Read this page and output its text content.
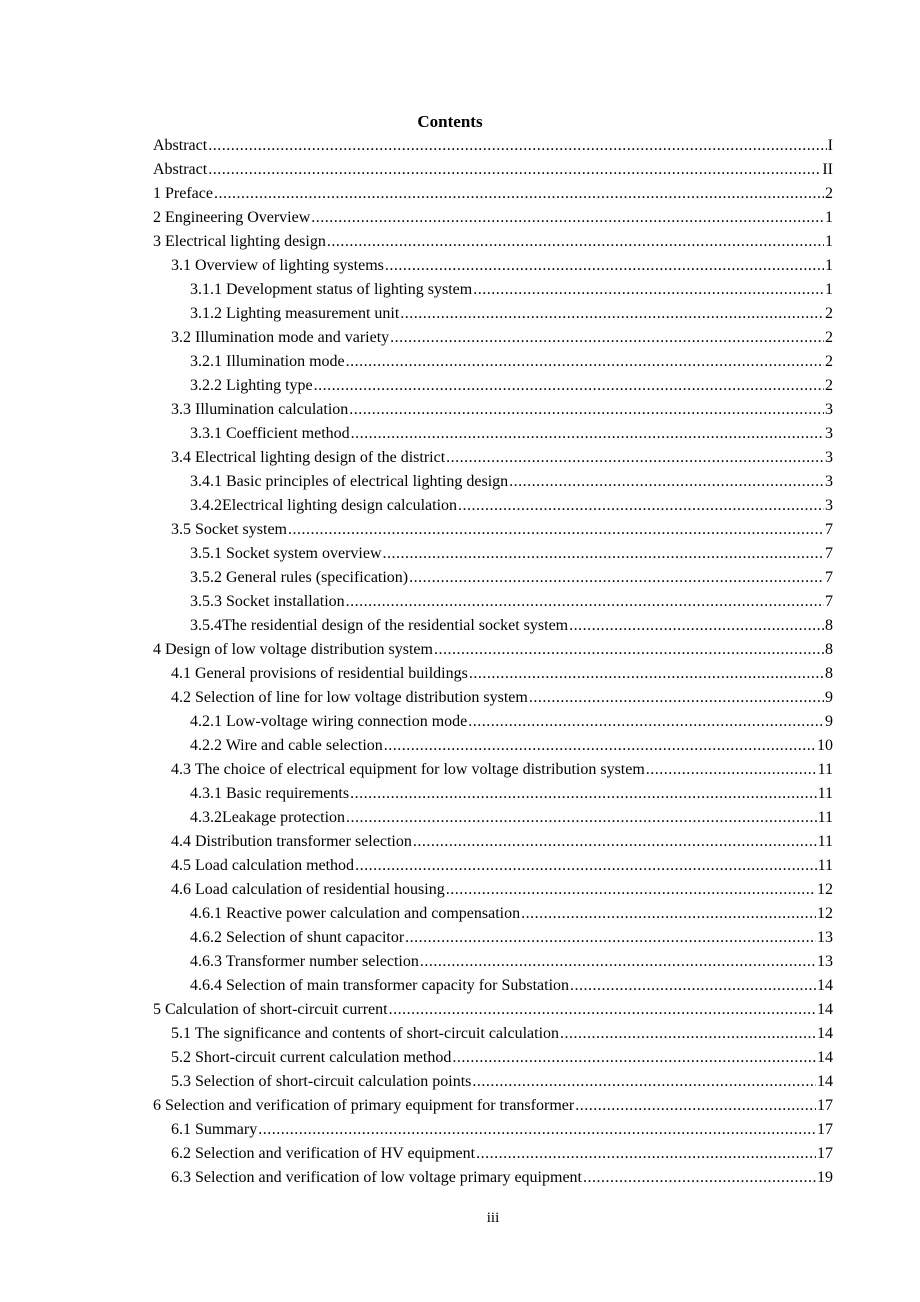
Contents
Abstract .....	I
Abstract .....	II
1 Preface .....	2
2 Engineering Overview .....	1
3 Electrical lighting design .....	1
3.1 Overview of lighting systems .....	1
3.1.1 Development status of lighting system .....	1
3.1.2 Lighting measurement unit .....	2
3.2 Illumination mode and variety .....	2
3.2.1 Illumination mode .....	2
3.2.2 Lighting type .....	2
3.3 Illumination calculation .....	3
3.3.1 Coefficient method .....	3
3.4 Electrical lighting design of the district .....	3
3.4.1 Basic principles of electrical lighting design .....	3
3.4.2Electrical lighting design calculation .....	3
3.5 Socket system .....	7
3.5.1 Socket system overview .....	7
3.5.2 General rules (specification) .....	7
3.5.3 Socket installation .....	7
3.5.4The residential design of the residential socket system .....	8
4 Design of low voltage distribution system .....	8
4.1 General provisions of residential buildings .....	8
4.2 Selection of line for low voltage distribution system .....	9
4.2.1 Low-voltage wiring connection mode .....	9
4.2.2 Wire and cable selection .....	10
4.3 The choice of electrical equipment for low voltage distribution system .....	11
4.3.1 Basic requirements .....	11
4.3.2Leakage protection .....	11
4.4 Distribution transformer selection .....	11
4.5 Load calculation method .....	11
4.6 Load calculation of residential housing .....	12
4.6.1 Reactive power calculation and compensation .....	12
4.6.2 Selection of shunt capacitor .....	13
4.6.3 Transformer number selection .....	13
4.6.4 Selection of main transformer capacity for Substation .....	14
5 Calculation of short-circuit current .....	14
5.1 The significance and contents of short-circuit calculation .....	14
5.2 Short-circuit current calculation method .....	14
5.3 Selection of short-circuit calculation points .....	14
6 Selection and verification of primary equipment for transformer .....	17
6.1 Summary .....	17
6.2 Selection and verification of HV equipment .....	17
6.3 Selection and verification of low voltage primary equipment .....	19
iii
